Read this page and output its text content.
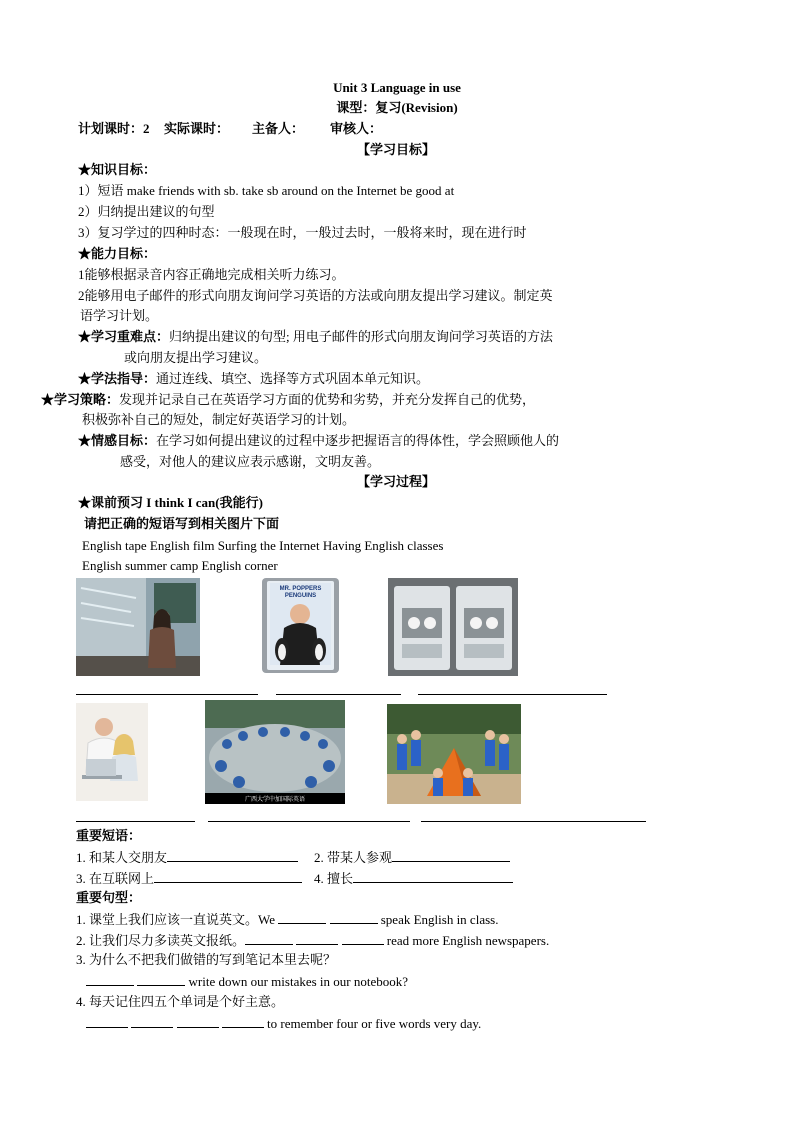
Unit 3 Language in use
课型：复习(Revision)
计划课时：2 实际课时： 主备人： 审核人：
【学习目标】
★知识目标：
1）短语 make friends with sb. take sb around on the Internet be good at
2）归纳提出建议的句型
3）复习学过的四种时态：一般现在时，一般过去时，一般将来时，现在进行时
★能力目标：
1能够根据录音内容正确地完成相关听力练习。
2能够用电子邮件的形式向朋友询问学习英语的方法或向朋友提出学习建议。制定英
语学习计划。
★学习重难点：归纳提出建议的句型; 用电子邮件的形式向朋友询问学习英语的方法
或向朋友提出学习建议。
★学法指导：通过连线、填空、选择等方式巩固本单元知识。
★学习策略：发现并记录自己在英语学习方面的优势和劣势，并充分发挥自己的优势，
积极弥补自己的短处，制定好英语学习的计划。
★情感目标：在学习如何提出建议的过程中逐步把握语言的得体性，学会照顾他人的
感受，对他人的建议应表示感谢，文明友善。
【学习过程】
★课前预习 I think I can(我能行)
请把正确的短语写到相关图片下面
English tape English film Surfing the Internet Having English classes
English summer camp English corner
MR. POPPERS
PENGUINS
广西大学中加国际英语
重要短语：
1. 和某人交朋友	2. 带某人参观
3. 在互联网上	4. 擅长
重要句型：
1. 课堂上我们应该一直说英文。We	speak English in class.
2. 让我们尽力多读英文报纸。	read more English newspapers.
3. 为什么不把我们做错的写到笔记本里去呢？
write down our mistakes in our notebook?
4. 每天记住四五个单词是个好主意。
to remember four or five words very day.
